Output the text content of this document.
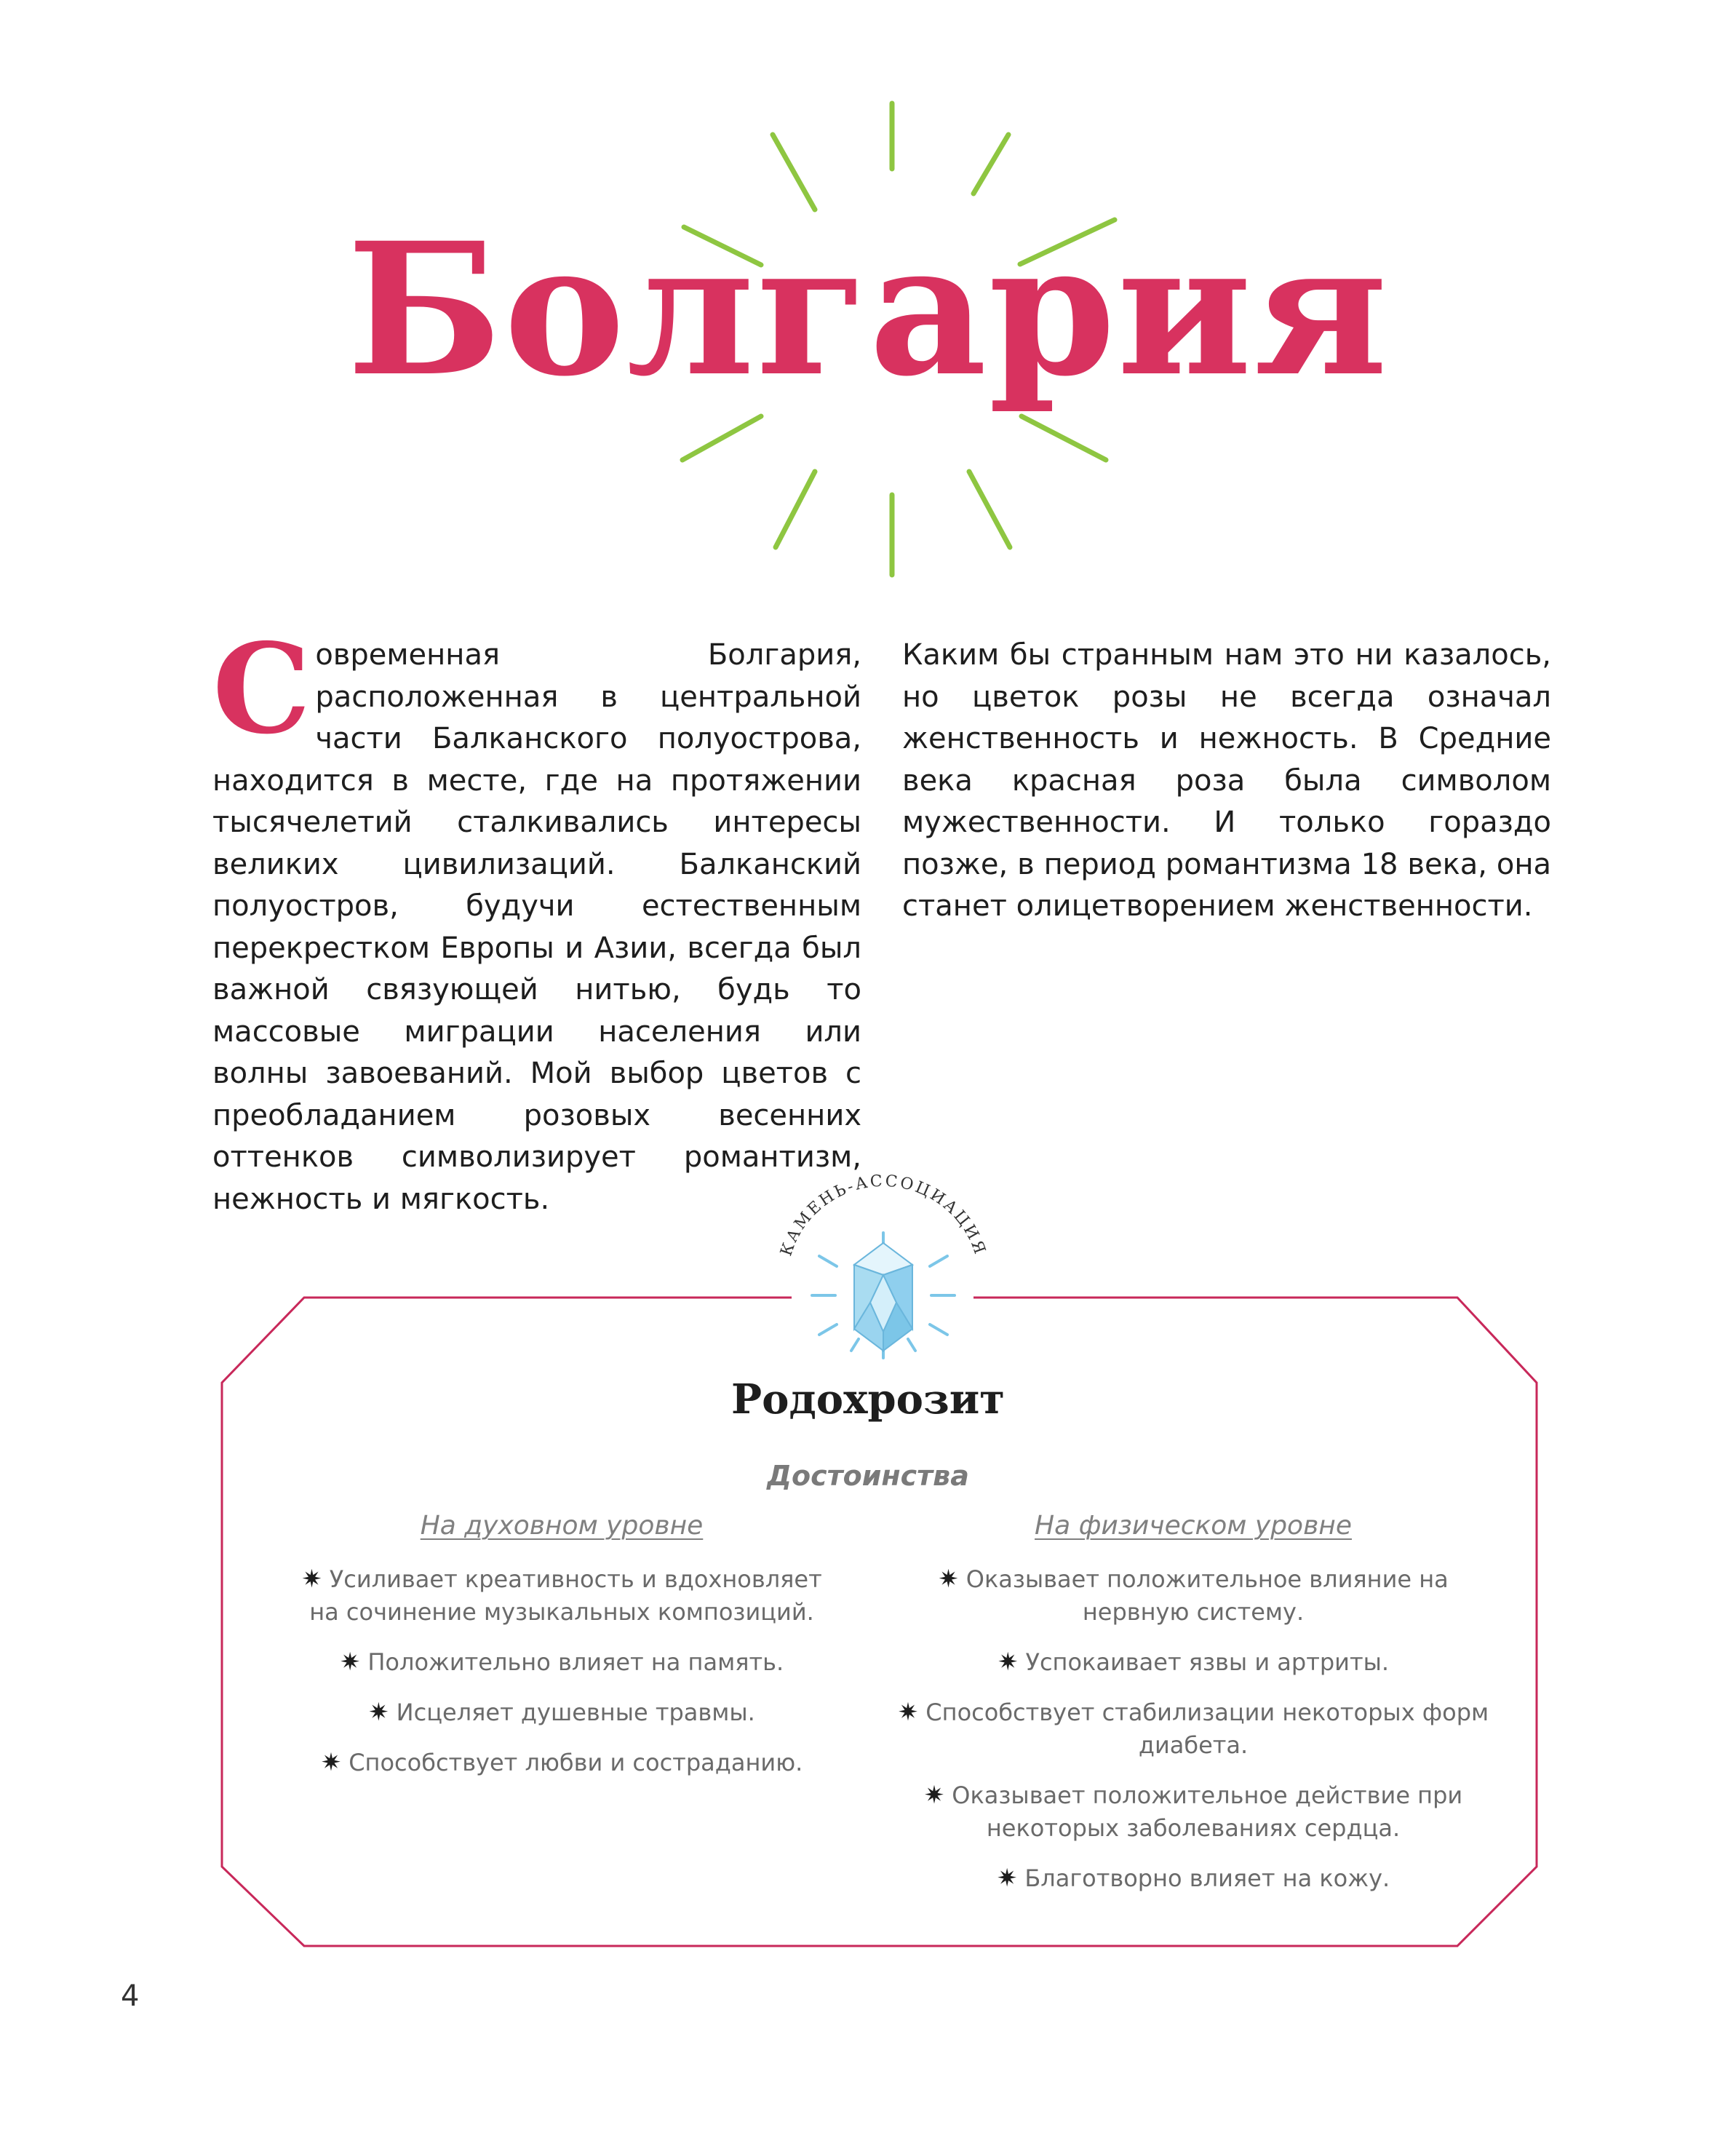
Болгария
Современная Болгария, расположенная в центральной части Балканского полуострова, находится в месте, где на протяжении тысячелетий сталкивались интересы великих цивилизаций. Балканский полуостров, будучи естественным перекрестком Европы и Азии, всегда был важной связующей нитью, будь то массовые миграции населения или волны завоеваний. Мой выбор цветов с преобладанием розовых весенних оттенков символизирует романтизм, нежность и мягкость.
Каким бы странным нам это ни казалось, но цветок розы не всегда означал женственность и нежность. В Средние века красная роза была символом мужественности. И только гораздо позже, в период романтизма 18 века, она станет олицетворением женственности.
КАМЕНЬ-АССОЦИАЦИЯ
Родохрозит
Достоинства
На духовном уровне	На физическом уровне
✷ Усиливает креативность и вдохновляет на сочинение музыкальных композиций.
✷ Положительно влияет на память.
✷ Исцеляет душевные травмы.
✷ Способствует любви и состраданию.
✷ Оказывает положительное влияние на нервную систему.
✷ Успокаивает язвы и артриты.
✷ Способствует стабилизации некоторых форм диабета.
✷ Оказывает положительное действие при некоторых заболеваниях сердца.
✷ Благотворно влияет на кожу.
4
